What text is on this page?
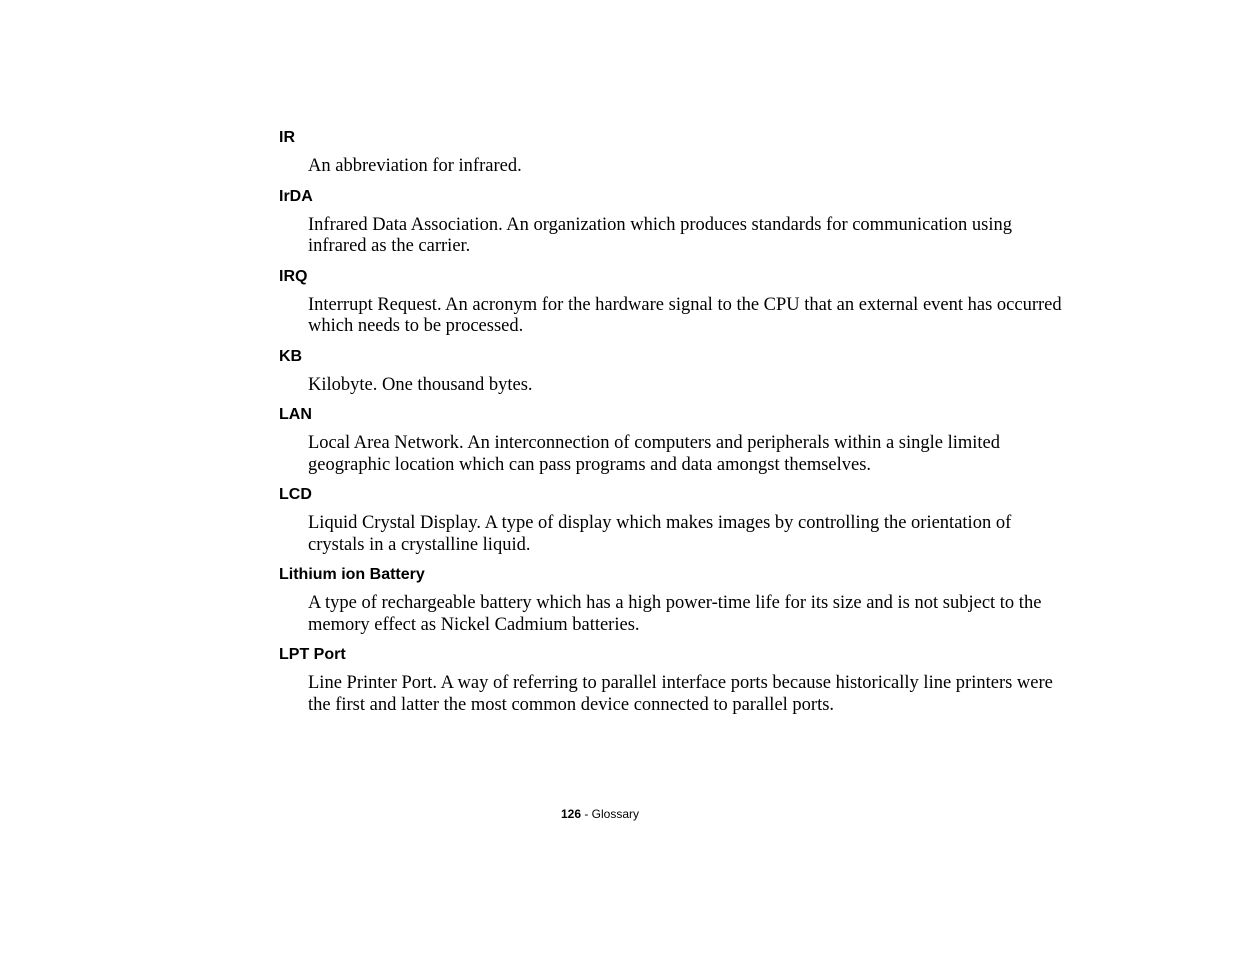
IR
An abbreviation for infrared.
IrDA
Infrared Data Association. An organization which produces standards for communication using infrared as the carrier.
IRQ
Interrupt Request. An acronym for the hardware signal to the CPU that an external event has occurred which needs to be processed.
KB
Kilobyte. One thousand bytes.
LAN
Local Area Network. An interconnection of computers and peripherals within a single limited geographic location which can pass programs and data amongst themselves.
LCD
Liquid Crystal Display. A type of display which makes images by controlling the orientation of crystals in a crystalline liquid.
Lithium ion Battery
A type of rechargeable battery which has a high power-time life for its size and is not subject to the memory effect as Nickel Cadmium batteries.
LPT Port
Line Printer Port. A way of referring to parallel interface ports because historically line printers were the first and latter the most common device connected to parallel ports.
126 - Glossary
